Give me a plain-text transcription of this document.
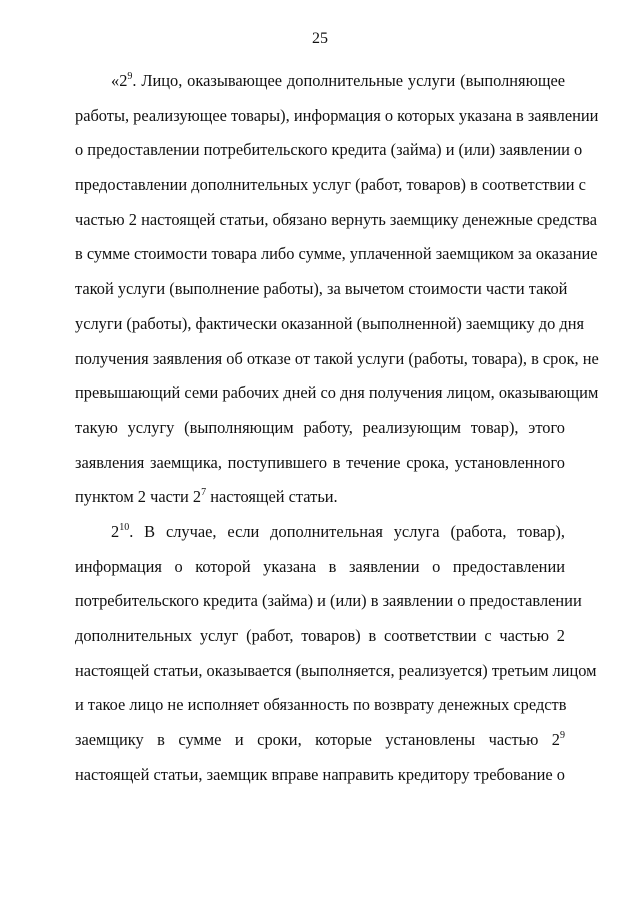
25
«$2^9$. Лицо, оказывающее дополнительные услуги (выполняющее
работы, реализующее товары), информация о которых указана в заявлении
о предоставлении потребительского кредита (займа) и (или) заявлении о
предоставлении дополнительных услуг (работ, товаров) в соответствии с
частью 2 настоящей статьи, обязано вернуть заемщику денежные средства
в сумме стоимости товара либо сумме, уплаченной заемщиком за оказание
такой услуги (выполнение работы), за вычетом стоимости части такой
услуги (работы), фактически оказанной (выполненной) заемщику до дня
получения заявления об отказе от такой услуги (работы, товара), в срок, не
превышающий семи рабочих дней со дня получения лицом, оказывающим
такую услугу (выполняющим работу, реализующим товар), этого
заявления заемщика, поступившего в течение срока, установленного
пунктом 2 части $2^7$ настоящей статьи.
$2^{10}$. В случае, если дополнительная услуга (работа, товар),
информация о которой указана в заявлении о предоставлении
потребительского кредита (займа) и (или) в заявлении о предоставлении
дополнительных услуг (работ, товаров) в соответствии с частью 2
настоящей статьи, оказывается (выполняется, реализуется) третьим лицом
и такое лицо не исполняет обязанность по возврату денежных средств
заемщику в сумме и сроки, которые установлены частью $2^9$
настоящей статьи, заемщик вправе направить кредитору требование о
